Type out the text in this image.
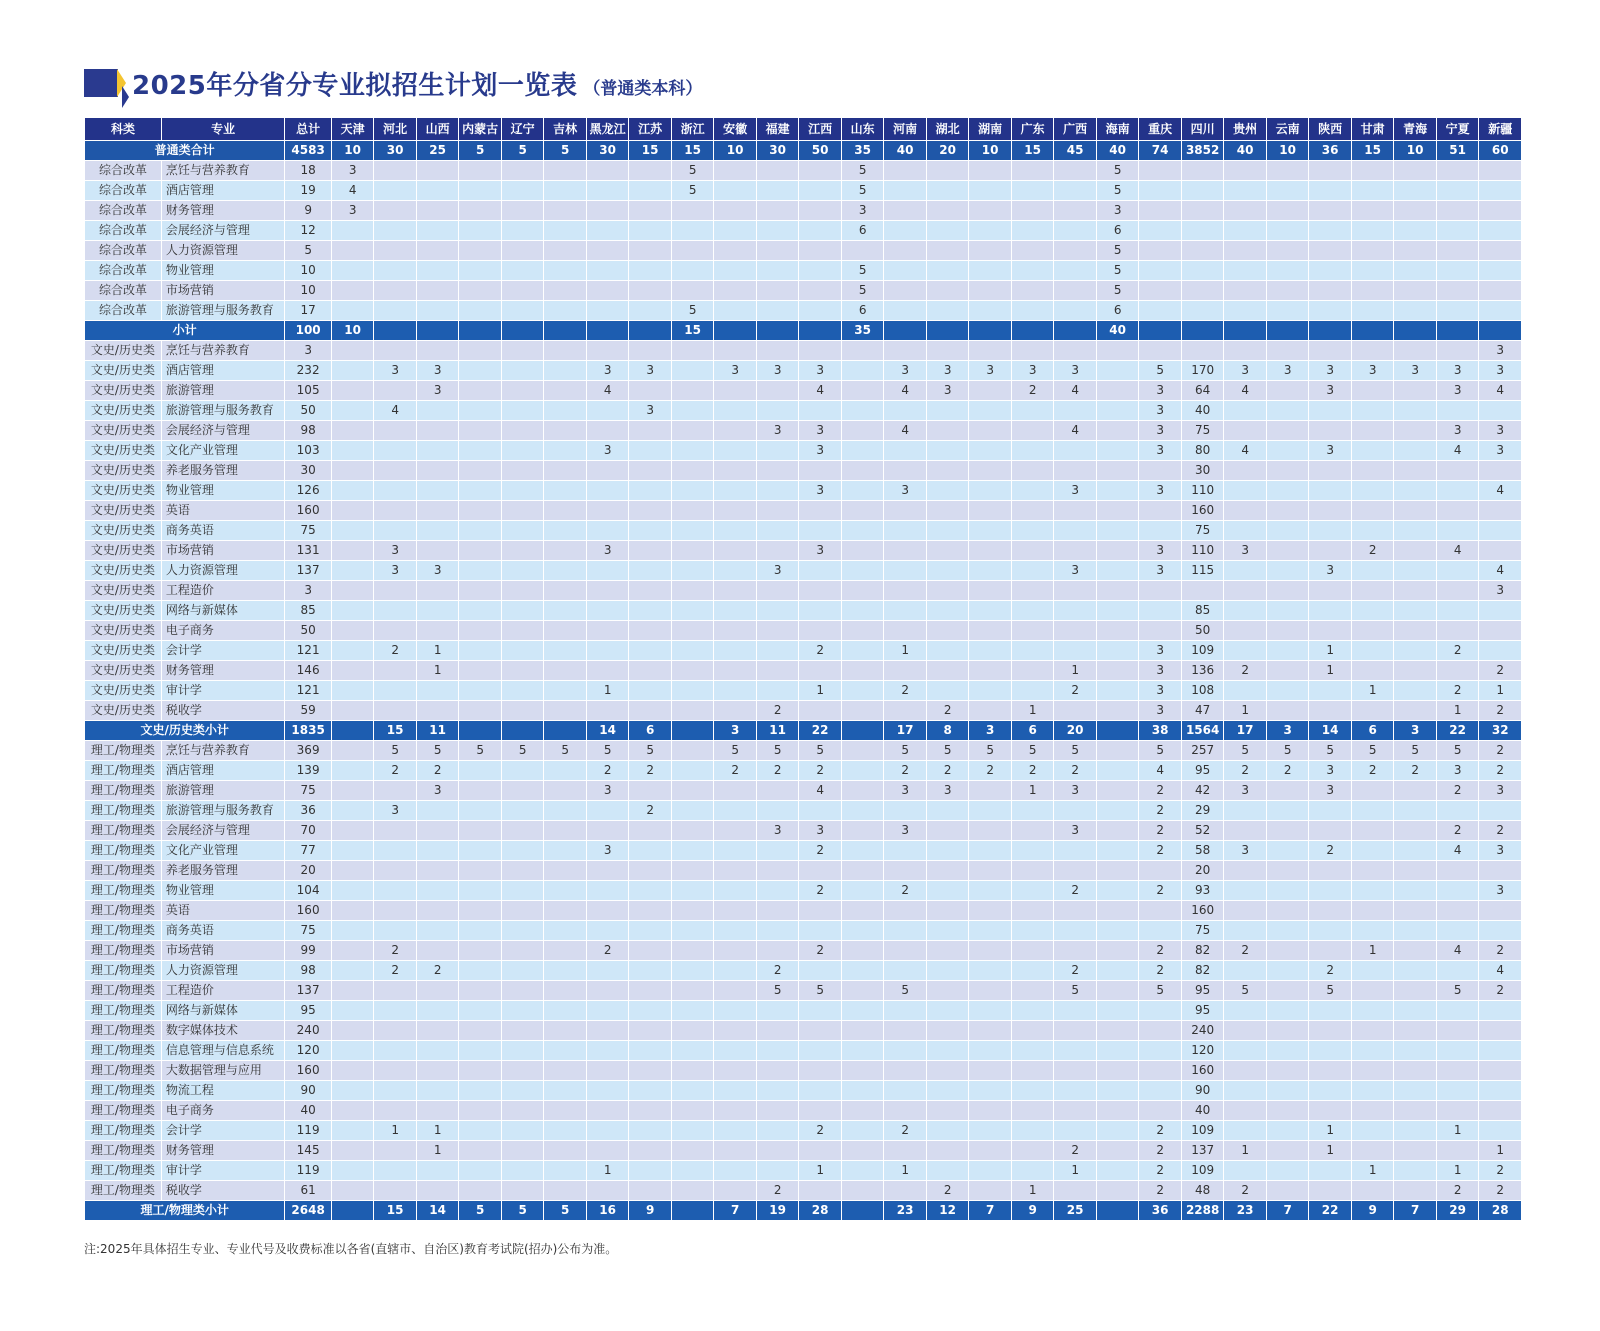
2025年分省分专业拟招生计划一览表 （普通类本科）
科类	专业	总计	天津	河北	山西	内蒙古	辽宁	吉林	黑龙江	江苏	浙江	安徽	福建	江西	山东	河南	湖北	湖南	广东	广西	海南	重庆	四川	贵州	云南	陕西	甘肃	青海	宁夏	新疆
普通类合计		4583	10	30	25	5	5	5	30	15	15	10	30	50	35	40	20	10	15	45	40	74	3852	40	10	36	15	10	51	60
综合改革	烹饪与营养教育	18	3								5				5						5									
综合改革	酒店管理	19	4								5				5						5									
综合改革	财务管理	9	3												3						3									
综合改革	会展经济与管理	12													6						6									
综合改革	人力资源管理	5																			5									
综合改革	物业管理	10													5						5									
综合改革	市场营销	10													5						5									
综合改革	旅游管理与服务教育	17									5				6						6									
小计		100	10								15				35						40									
文史/历史类	烹饪与营养教育	3																												3
文史/历史类	酒店管理	232		3	3				3	3		3	3	3		3	3	3	3	3		5	170	3	3	3	3	3	3	3
文史/历史类	旅游管理	105			3				4					4		4	3		2	4		3	64	4		3			3	4
文史/历史类	旅游管理与服务教育	50		4						3												3	40							
文史/历史类	会展经济与管理	98											3	3		4				4		3	75						3	3
文史/历史类	文化产业管理	103							3					3								3	80	4		3			4	3
文史/历史类	养老服务管理	30																					30							
文史/历史类	物业管理	126												3		3				3		3	110							4
文史/历史类	英语	160																					160							
文史/历史类	商务英语	75																					75							
文史/历史类	市场营销	131		3					3					3								3	110	3			2		4	
文史/历史类	人力资源管理	137		3	3								3							3		3	115			3				4
文史/历史类	工程造价	3																												3
文史/历史类	网络与新媒体	85																					85							
文史/历史类	电子商务	50																					50							
文史/历史类	会计学	121		2	1									2		1						3	109			1			2	
文史/历史类	财务管理	146			1															1		3	136	2		1				2
文史/历史类	审计学	121							1					1		2				2		3	108				1		2	1
文史/历史类	税收学	59											2				2		1			3	47	1					1	2
文史/历史类小计		1835		15	11				14	6		3	11	22		17	8	3	6	20		38	1564	17	3	14	6	3	22	32
理工/物理类	烹饪与营养教育	369		5	5	5	5	5	5	5		5	5	5		5	5	5	5	5		5	257	5	5	5	5	5	5	2
理工/物理类	酒店管理	139		2	2				2	2		2	2	2		2	2	2	2	2		4	95	2	2	3	2	2	3	2
理工/物理类	旅游管理	75			3				3					4		3	3		1	3		2	42	3		3			2	3
理工/物理类	旅游管理与服务教育	36		3						2												2	29							
理工/物理类	会展经济与管理	70											3	3		3				3		2	52						2	2
理工/物理类	文化产业管理	77							3					2								2	58	3		2			4	3
理工/物理类	养老服务管理	20																					20							
理工/物理类	物业管理	104												2		2				2		2	93							3
理工/物理类	英语	160																					160							
理工/物理类	商务英语	75																					75							
理工/物理类	市场营销	99		2					2					2								2	82	2			1		4	2
理工/物理类	人力资源管理	98		2	2								2							2		2	82			2				4
理工/物理类	工程造价	137											5	5		5				5		5	95	5		5			5	2
理工/物理类	网络与新媒体	95																					95							
理工/物理类	数字媒体技术	240																					240							
理工/物理类	信息管理与信息系统	120																					120							
理工/物理类	大数据管理与应用	160																					160							
理工/物理类	物流工程	90																					90							
理工/物理类	电子商务	40																					40							
理工/物理类	会计学	119		1	1									2		2						2	109			1			1	
理工/物理类	财务管理	145			1															2		2	137	1		1				1
理工/物理类	审计学	119							1					1		1				1		2	109				1		1	2
理工/物理类	税收学	61											2				2		1			2	48	2					2	2
理工/物理类小计		2648		15	14	5	5	5	16	9		7	19	28		23	12	7	9	25		36	2288	23	7	22	9	7	29	28
注:2025年具体招生专业、专业代号及收费标准以各省(直辖市、自治区)教育考试院(招办)公布为准。
